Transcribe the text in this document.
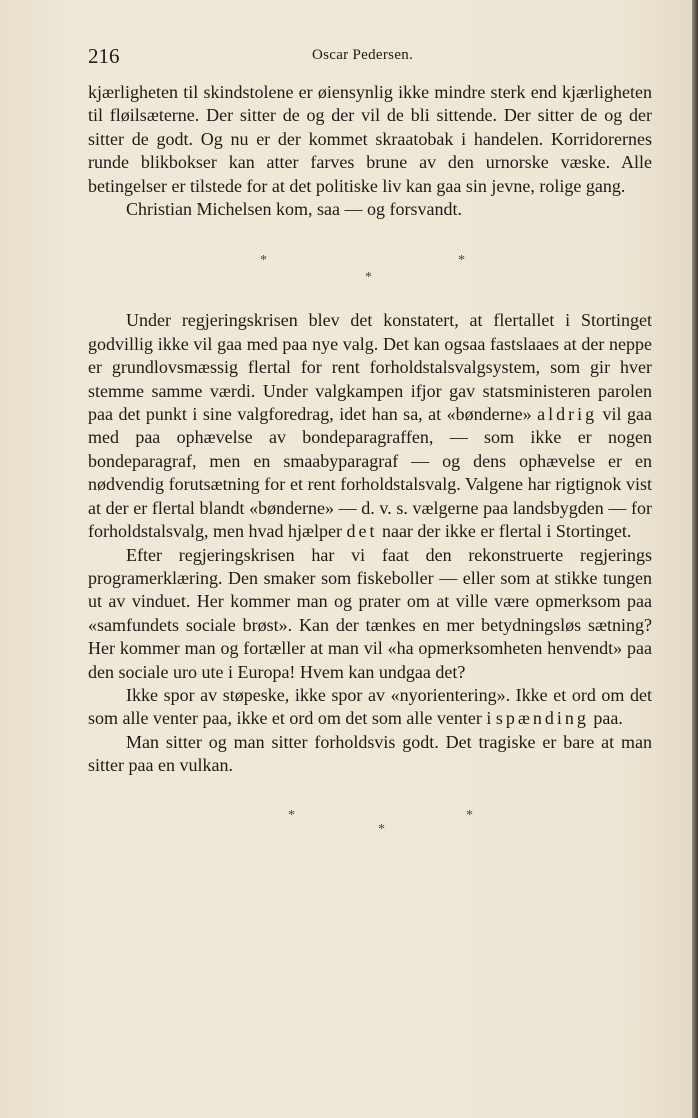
216	Oscar Pedersen.

kjærligheten til skindstolene er øiensynlig ikke mindre sterk end kjærligheten til fløilsæterne. Der sitter de og der vil de bli sittende. Der sitter de og der sitter de godt. Og nu er der kommet skraatobak i handelen. Korridorernes runde blikbokser kan atter farves brune av den urnorske væske. Alle betingelser er tilstede for at det politiske liv kan gaa sin jevne, rolige gang.

Christian Michelsen kom, saa — og forsvandt.

*	*
*

Under regjeringskrisen blev det konstatert, at flertallet i Stortinget godvillig ikke vil gaa med paa nye valg. Det kan ogsaa fastslaaes at der neppe er grundlovsmæssig flertal for rent forholdstalsvalgsystem, som gir hver stemme samme værdi. Under valgkampen ifjor gav statsministeren parolen paa det punkt i sine valgforedrag, idet han sa, at «bønderne» aldrig vil gaa med paa ophævelse av bondeparagraffen, — som ikke er nogen bondeparagraf, men en smaabyparagraf — og dens ophævelse er en nødvendig forutsætning for et rent forholdstalsvalg. Valgene har rigtignok vist at der er flertal blandt «bønderne» — d. v. s. vælgerne paa landsbygden — for forholdstalsvalg, men hvad hjælper det naar der ikke er flertal i Stortinget.

Efter regjeringskrisen har vi faat den rekonstruerte regjerings programerklæring. Den smaker som fiskeboller — eller som at stikke tungen ut av vinduet. Her kommer man og prater om at ville være opmerksom paa «samfundets sociale brøst». Kan der tænkes en mer betydningsløs sætning? Her kommer man og fortæller at man vil «ha opmerksomheten henvendt» paa den sociale uro ute i Europa! Hvem kan undgaa det?

Ikke spor av støpeske, ikke spor av «nyorientering». Ikke et ord om det som alle venter paa, ikke et ord om det som alle venter i spænding paa.

Man sitter og man sitter forholdsvis godt. Det tragiske er bare at man sitter paa en vulkan.

*	*
*
